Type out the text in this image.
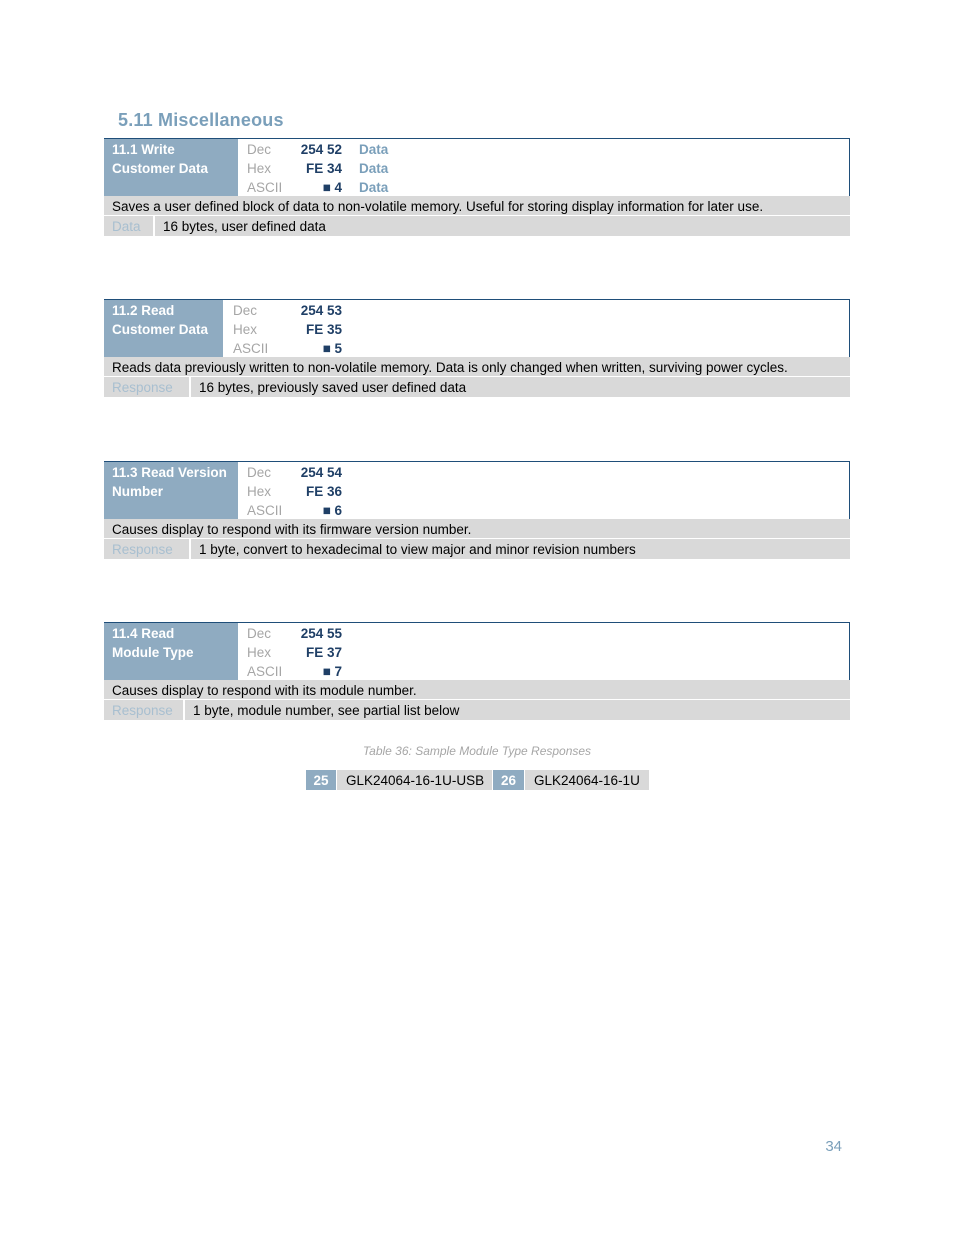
5.11 Miscellaneous
11.1 Write
Customer Data
Dec	254 52 Data
Hex	FE 34 Data
ASCII	■ 4 Data
Saves a user defined block of data to non-volatile memory. Useful for storing display information for later use.
Data	16 bytes, user defined data
11.2 Read
Customer Data
Dec	254 53
Hex	FE 35
ASCII	■ 5
Reads data previously written to non-volatile memory. Data is only changed when written, surviving power cycles.
Response	16 bytes, previously saved user defined data
11.3 Read Version
Number
Dec	254 54
Hex	FE 36
ASCII	■ 6
Causes display to respond with its firmware version number.
Response	1 byte, convert to hexadecimal to view major and minor revision numbers
11.4 Read
Module Type
Dec	254 55
Hex	FE 37
ASCII	■ 7
Causes display to respond with its module number.
Response	1 byte, module number, see partial list below
Table 36: Sample Module Type Responses
25	GLK24064-16-1U-USB	26	GLK24064-16-1U
34
